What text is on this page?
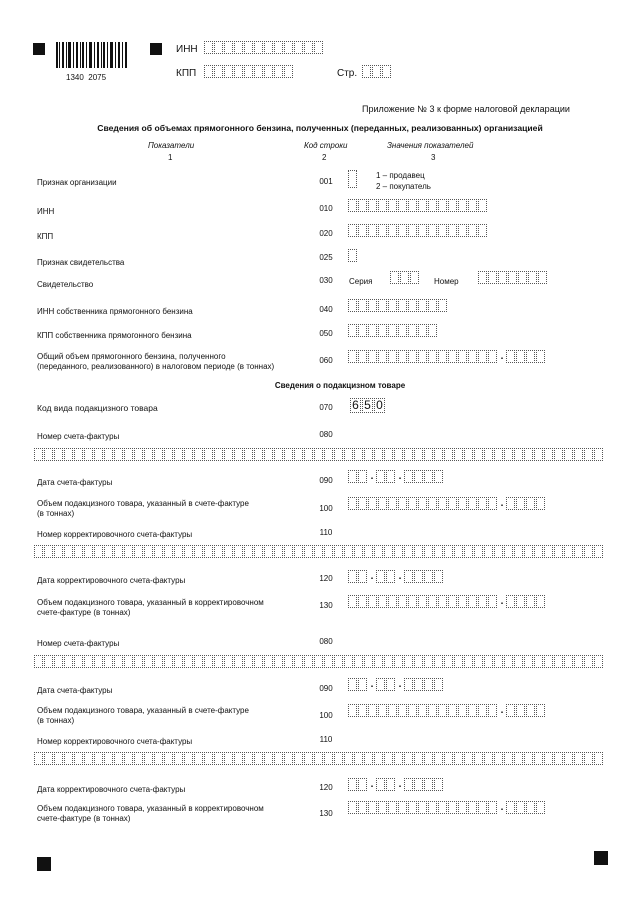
1340  2075
ИНН
КПП	Стр.
Приложение № 3 к форме налоговой декларации
Сведения об объемах прямогонного бензина, полученных (переданных, реализованных) организацией
Показатели	Код строки	Значения показателей
1	2	3
Признак организации	001
1 – продавец
2 – покупатель
ИНН	010
КПП	020
Признак свидетельства
025
Свидетельство	030	Серия	Номер
ИНН собственника прямогонного бензина	040
КПП собственника прямогонного бензина	050
Общий объем прямогонного бензина, полученного
(переданного, реализованного) в налоговом периоде (в тоннах)
060	.
Сведения о подакцизном товаре
Код вида подакцизного товара	070	6 5 0
Номер счета-фактуры	080
Дата счета-фактуры	090	.	.
Объем подакцизного товара, указанный в счете-фактуре
(в тоннах)
100	.
Номер корректировочного счета-фактуры	110
Дата корректировочного счета-фактуры	120	.	.
Объем подакцизного товара, указанный в корректировочном
счете-фактуре (в тоннах)
130	.
Номер счета-фактуры	080
Дата счета-фактуры	090	.	.
Объем подакцизного товара, указанный в счете-фактуре
(в тоннах)
100	.
Номер корректировочного счета-фактуры	110
Дата корректировочного счета-фактуры	120	.	.
Объем подакцизного товара, указанный в корректировочном
счете-фактуре (в тоннах)
130
.
